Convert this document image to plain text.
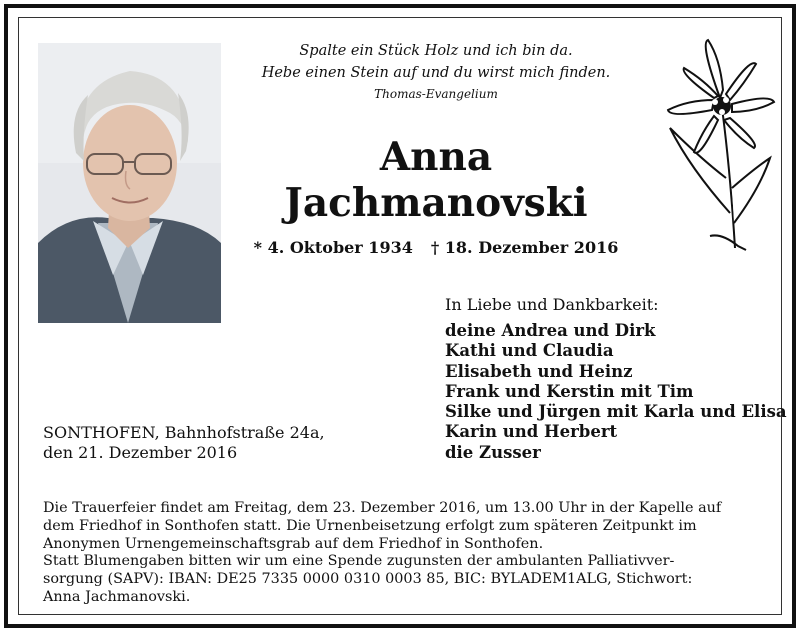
Spalte ein Stück Holz und ich bin da.
Hebe einen Stein auf und du wirst mich finden.
Thomas-Evangelium
Anna
Jachmanovski
* 4. Oktober 1934 † 18. Dezember 2016
In Liebe und Dankbarkeit:
deine Andrea und Dirk
Kathi und Claudia
Elisabeth und Heinz
Frank und Kerstin mit Tim
Silke und Jürgen mit Karla und Elisa
Karin und Herbert
die Zusser
SONTHOFEN, Bahnhofstraße 24a,
den 21. Dezember 2016
Die Trauerfeier findet am Freitag, dem 23. Dezember 2016, um 13.00 Uhr in der Kapelle auf
dem Friedhof in Sonthofen statt. Die Urnenbeisetzung erfolgt zum späteren Zeitpunkt im
Anonymen Urnengemeinschaftsgrab auf dem Friedhof in Sonthofen.
Statt Blumengaben bitten wir um eine Spende zugunsten der ambulanten Palliativver-
sorgung (SAPV): IBAN: DE25 7335 0000 0310 0003 85, BIC: BYLADEM1ALG, Stichwort:
Anna Jachmanovski.
